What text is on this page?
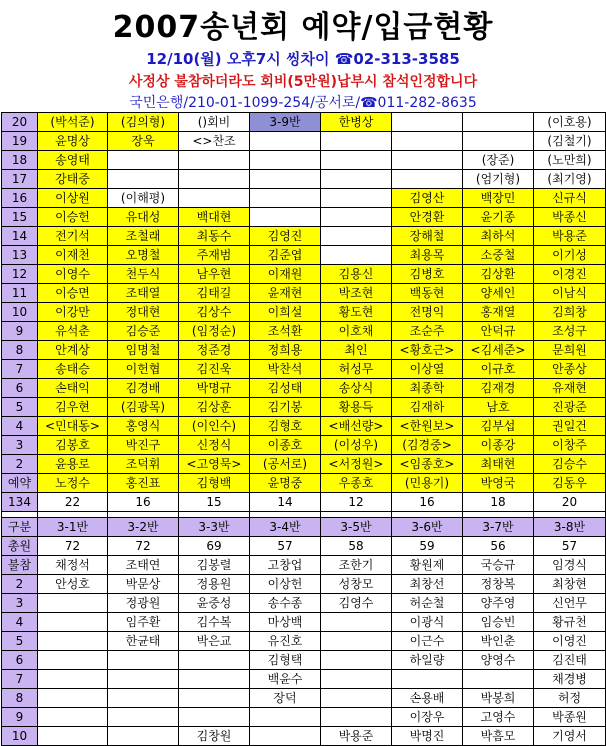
2007송년회 예약/입금현황
12/10(월) 오후7시 씽차이 ☎02-313-3585
사정상 불참하더라도 회비(5만원)납부시 참석인정합니다
국민은행/210-01-1099-254/공서로/☎011-282-8635
20	(박석준)	(김의형)	()회비	3-9반	한병상			(이호용)
19	윤명상	장욱	<>찬조					(김철기)
18	송영태						(장준)	(노만희)
17	강태중						(엄기형)	(최기영)
16	이상원	(이해평)				김영산	백장민	신규식
15	이승헌	유대성	백대현			안경환	윤기종	박종신
14	전기석	조철래	최동수	김영진		장해철	최하석	박용준
13	이재천	오명철	주재범	김준엽		최용목	소중철	이기성
12	이영수	천두식	남우현	이재원	김용신	김병호	김상환	이경진
11	이승면	조태열	김태길	윤재현	박조현	백동현	양세인	이남식
10	이강만	정대현	김상수	이희설	황도현	전명익	홍재열	김희창
9	유석춘	김승준	(임정순)	조석환	이호채	조순주	안덕규	조성구
8	안계상	임명철	정준경	정희용	최인	<황호근>	<김세준>	문희원
7	송태승	이헌협	김진욱	박찬석	허성무	이상열	이규호	안종상
6	손태익	김경배	박명규	김성태	송상식	최종학	김재경	유재현
5	김우현	(김광목)	김상훈	김기봉	황용득	김재하	남호	진광준
4	<민대동>	홍영식	(이인수)	김형호	<배선량>	<한원보>	김부섭	권일건
3	김봉호	박진구	신정식	이종호	(이성우)	(김경중>	이종강	이창주
2	윤용로	조덕휘	<고영묵>	(공서로)	<서정원>	<임종호>	최태현	김승수
예약	노정수	홍진표	김형백	윤명중	우종호	(민용기)	박영국	김동우
134	22	16	15	14	12	16	18	20

구분	3-1반	3-2반	3-3반	3-4반	3-5반	3-6반	3-7반	3-8반
총원	72	72	69	57	58	59	56	57
불참	채정석	조태연	김봉렬	고창업	조한기	황원제	국승규	임경식
2	안성호	박문상	정용원	이상헌	성창모	최창선	정창복	최창현
3		정광원	윤중성	송수종	김영수	허순철	양주영	신언무
4		임주환	김수복	마상백		이광식	임승빈	황규천
5		한균태	박은교	유진호		이근수	박인춘	이영진
6				김형택		하일량	양영수	김진태
7				백윤수				채경병
8				장덕		손용배	박봉희	허정
9						이장우	고영수	박종원
10			김창원		박용준	박명진	박흠모	기영서
